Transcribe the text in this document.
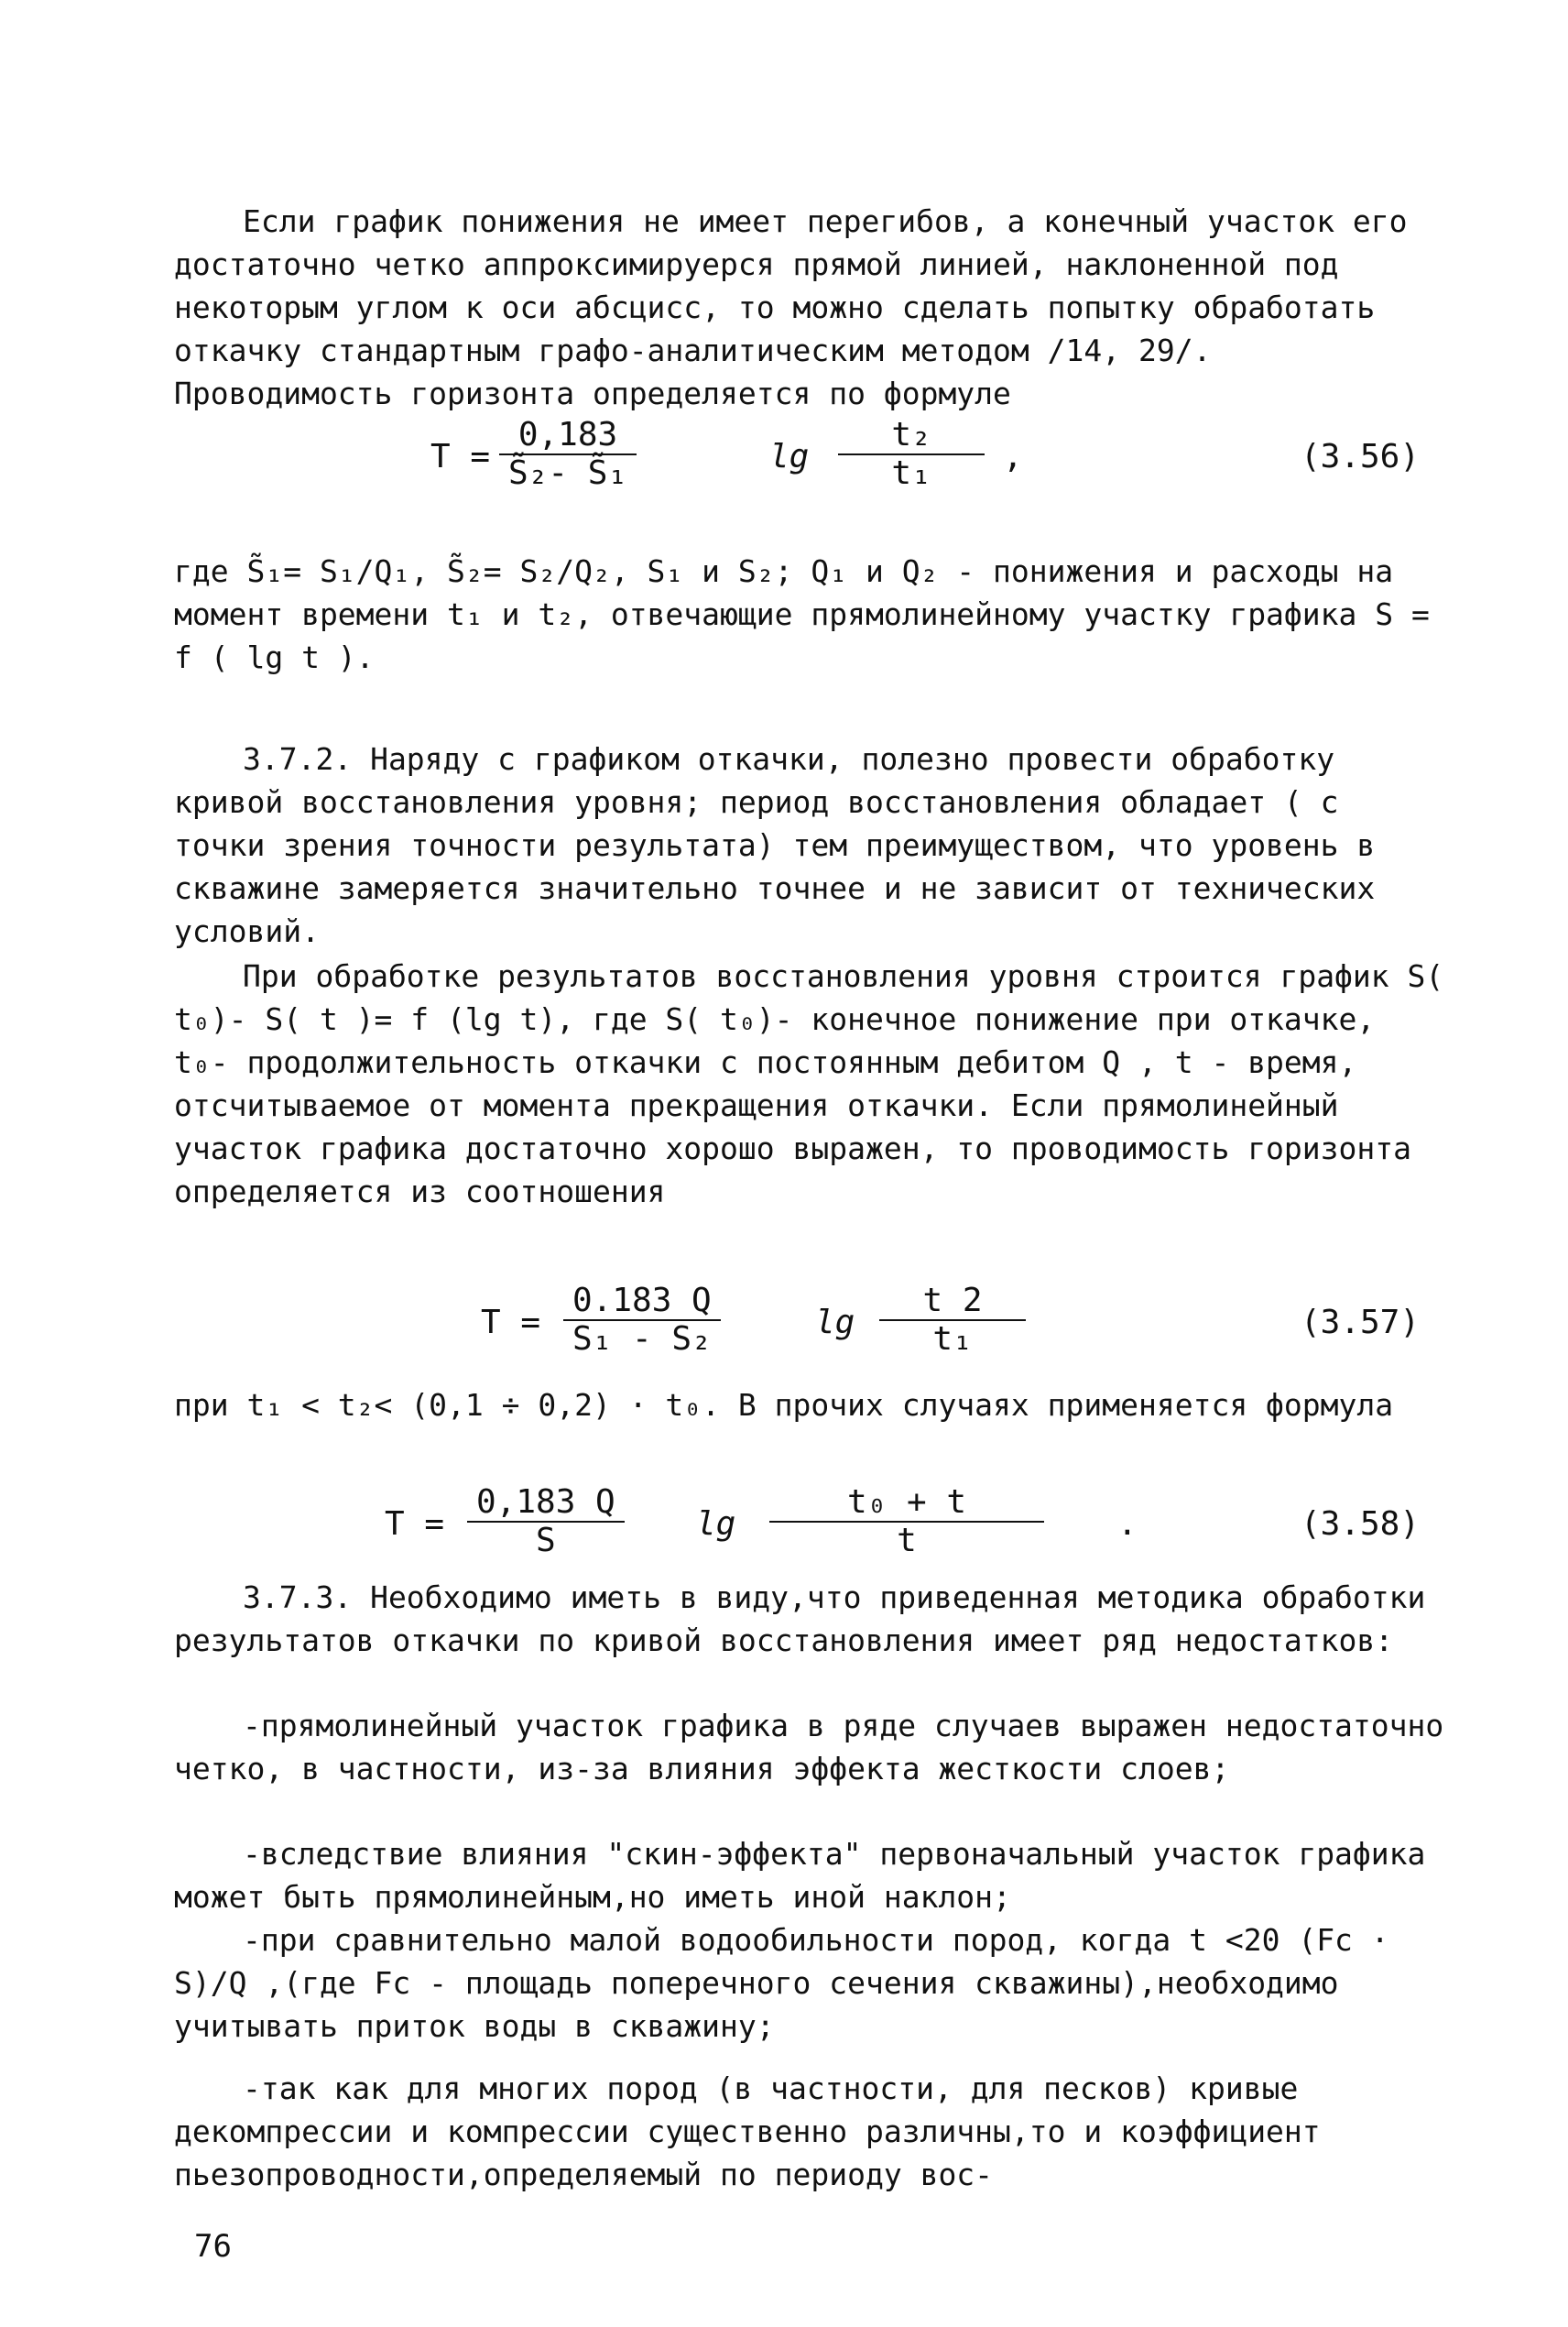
Если график понижения не имеет перегибов, а конечный участок его достаточно четко аппроксимируерся прямой линией, наклоненной под некоторым углом к оси абсцисс, то можно сделать попытку обработать откачку стандартным графо-аналитическим методом /14, 29/. Проводимость горизонта определяется по формуле

$T = \frac{0,183}{\text{S̃₂- S̃₁}}$	$\lg \frac{\text{t₂}}{\text{t₁}}$ ,	(3.56)

где S̃₁= S₁/Q₁, S̃₂= S₂/Q₂, S₁ и S₂; Q₁ и Q₂ - понижения и расходы на момент времени t₁ и t₂, отвечающие прямолинейному участку графика S = f ( lg t ).

3.7.2. Наряду с графиком откачки, полезно провести обработку кривой восстановления уровня; период восстановления обладает ( с точки зрения точности результата) тем преимуществом, что уровень в скважине замеряется значительно точнее и не зависит от технических условий.

При обработке результатов восстановления уровня строится график S( t₀)- S( t )= f (lg t), где S( t₀)- конечное понижение при откачке, t₀- продолжительность откачки с постоянным дебитом Q , t - время, отсчитываемое от момента прекращения откачки. Если прямолинейный участок графика достаточно хорошо выражен, то проводимость горизонта определяется из соотношения

$T = \frac{0.183 Q}{\text{S₁ - S₂}}$	$\lg \frac{t 2}{\text{t₁}}$	(3.57)

при t₁ < t₂< (0,1 ÷ 0,2) · t₀. В прочих случаях применяется формула

$T = \frac{0,183 Q}{S}$ $\lg \frac{\text{t₀ + t}}{t}$ .	(3.58)

3.7.3. Необходимо иметь в виду,что приведенная методика обработки результатов откачки по кривой восстановления имеет ряд недостатков:

-прямолинейный участок графика в ряде случаев выражен недостаточно четко, в частности, из-за влияния эффекта жесткости слоев;

-вследствие влияния "скин-эффекта" первоначальный участок графика может быть прямолинейным,но иметь иной наклон;

-при сравнительно малой водообильности пород, когда t <20 (Fc · S)/Q ,(где Fc - площадь поперечного сечения скважины),необходимо учитывать приток воды в скважину;

-так как для многих пород (в частности, для песков) кривые декомпрессии и компрессии существенно различны,то и коэффициент пьезопроводности,определяемый по периоду вос-

76
